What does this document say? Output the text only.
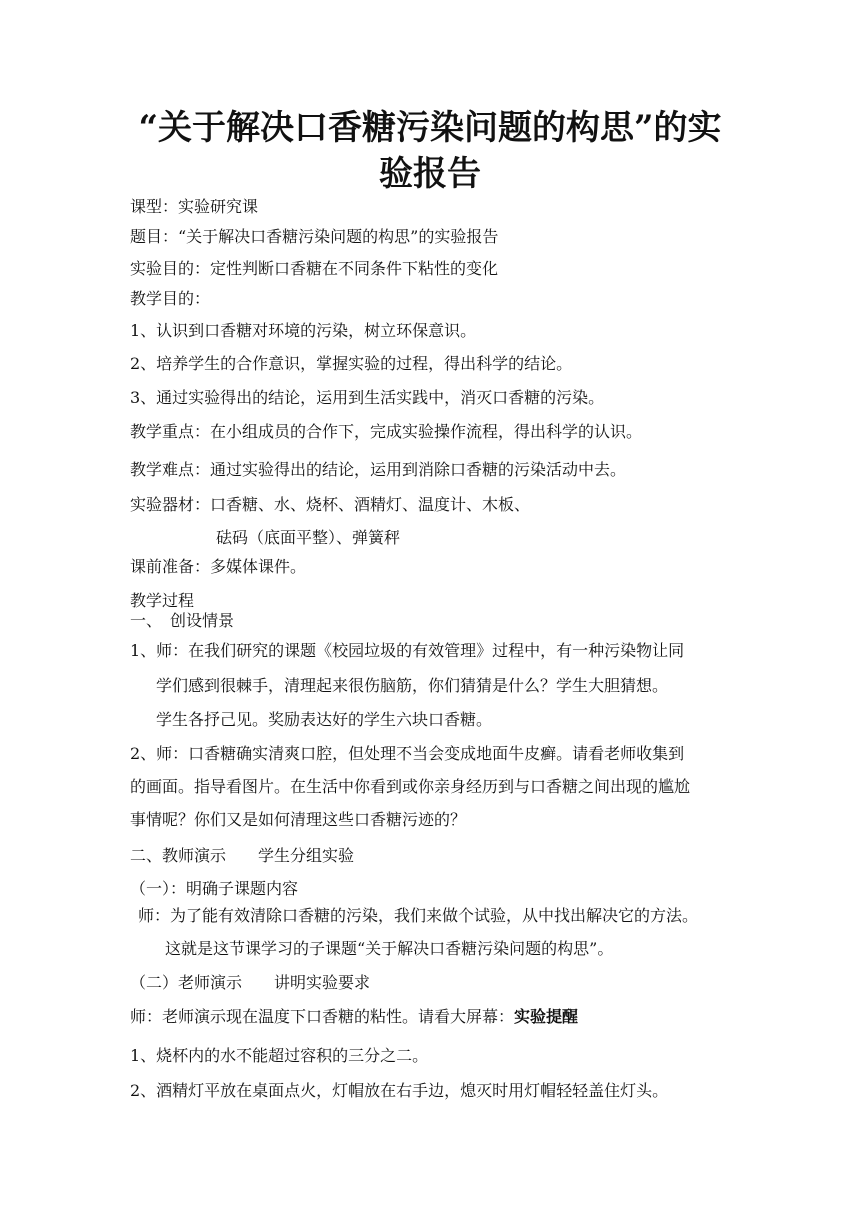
“关于解决口香糖污染问题的构思”的实
验报告
课型：实验研究课
题目：“关于解决口香糖污染问题的构思”的实验报告
实验目的：定性判断口香糖在不同条件下粘性的变化
教学目的：
1、认识到口香糖对环境的污染，树立环保意识。
2、培养学生的合作意识，掌握实验的过程，得出科学的结论。
3、通过实验得出的结论，运用到生活实践中，消灭口香糖的污染。
教学重点：在小组成员的合作下，完成实验操作流程，得出科学的认识。
教学难点：通过实验得出的结论，运用到消除口香糖的污染活动中去。
实验器材：口香糖、水、烧杯、酒精灯、温度计、木板、
砝码（底面平整）、弹簧秤
课前准备：多媒体课件。
教学过程
一、　创设情景
1、师：在我们研究的课题《校园垃圾的有效管理》过程中，有一种污染物让同
学们感到很棘手，清理起来很伤脑筋，你们猜猜是什么？学生大胆猜想。
学生各抒己见。奖励表达好的学生六块口香糖。
2、师：口香糖确实清爽口腔，但处理不当会变成地面牛皮癣。请看老师收集到
的画面。指导看图片。在生活中你看到或你亲身经历到与口香糖之间出现的尴尬
事情呢？你们又是如何清理这些口香糖污迹的？
二、教师演示　　学生分组实验
（一）：明确子课题内容
师：为了能有效清除口香糖的污染，我们来做个试验，从中找出解决它的方法。
这就是这节课学习的子课题“关于解决口香糖污染问题的构思”。
（二）老师演示　　讲明实验要求
师：老师演示现在温度下口香糖的粘性。请看大屏幕：实验提醒
1、烧杯内的水不能超过容积的三分之二。
2、酒精灯平放在桌面点火，灯帽放在右手边，熄灭时用灯帽轻轻盖住灯头。
